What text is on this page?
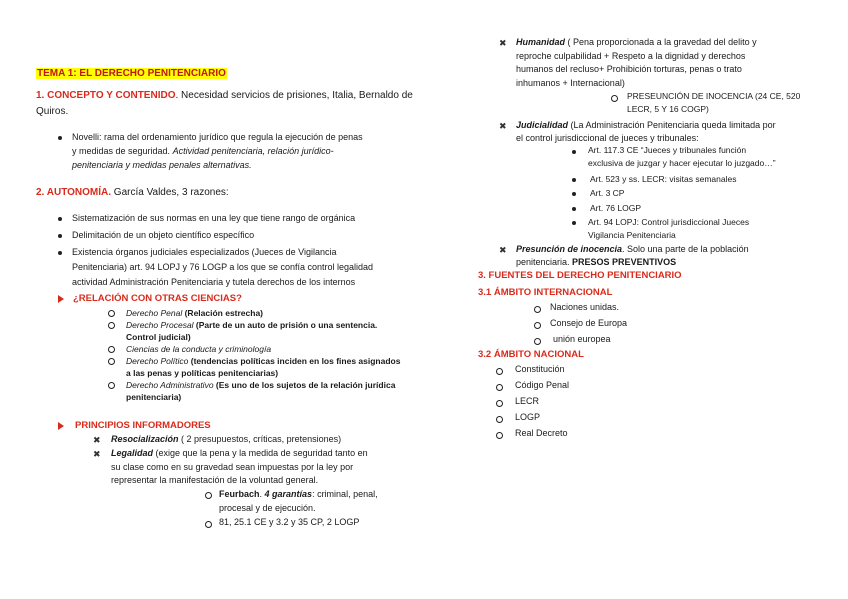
TEMA 1: EL DERECHO PENITENCIARIO
1. CONCEPTO Y CONTENIDO. Necesidad servicios de prisiones, Italia, Bernaldo de
Quiros.
Novelli: rama del ordenamiento jurídico que regula la ejecución de penas
y medidas de seguridad. Actividad penitenciaria, relación jurídico-
penitenciaria y medidas penales alternativas.
2. AUTONOMÍA. García Valdes, 3 razones:
Sistematización de sus normas en una ley que tiene rango de orgánica
Delimitación de un objeto científico específico
Existencia órganos judiciales especializados (Jueces de Vigilancia
Penitenciaria) art. 94 LOPJ y 76 LOGP a los que se confía control legalidad
actividad Administración Penitenciaria y tutela derechos de los internos
¿RELACIÓN CON OTRAS CIENCIAS?
Derecho Penal (Relación estrecha)
Derecho Procesal (Parte de un auto de prisión o una sentencia.
Control judicial)
Ciencias de la conducta y criminología
Derecho Político (tendencias políticas inciden en los fines asignados
a las penas y políticas penitenciarias)
Derecho Administrativo (Es uno de los sujetos de la relación jurídica
penitenciaria)
PRINCIPIOS INFORMADORES
✖ Resocialización ( 2 presupuestos, críticas, pretensiones)
✖ Legalidad (exige que la pena y la medida de seguridad tanto en
su clase como en su gravedad sean impuestas por la ley por
representar la manifestación de la voluntad general.
Feurbach. 4 garantías: criminal, penal,
procesal y de ejecución.
81, 25.1 CE y 3.2 y 35 CP, 2 LOGP
✖ Humanidad ( Pena proporcionada a la gravedad del delito y
reproche culpabilidad + Respeto a la dignidad y derechos
humanos del recluso+ Prohibición torturas, penas o trato
inhumanos + Internacional)
PRESEUNCIÓN DE INOCENCIA (24 CE, 520
LECR, 5 Y 16 COGP)
✖ Judicialidad (La Administración Penitenciaria queda limitada por
el control jurisdiccional de jueces y tribunales:
Art. 117.3 CE “Jueces y tribunales función
exclusiva de juzgar y hacer ejecutar lo juzgado…”
Art. 523 y ss. LECR: visitas semanales
Art. 3 CP
Art. 76 LOGP
Art. 94 LOPJ: Control jurisdiccional Jueces
Vigilancia Penitenciaria
✖ Presunción de inocencia. Solo una parte de la población
penitenciaria. PRESOS PREVENTIVOS
3. FUENTES DEL DERECHO PENITENCIARIO
3.1 ÁMBITO INTERNACIONAL
Naciones unidas.
Consejo de Europa
unión europea
3.2 ÁMBITO NACIONAL
Constitución
Código Penal
LECR
LOGP
Real Decreto
